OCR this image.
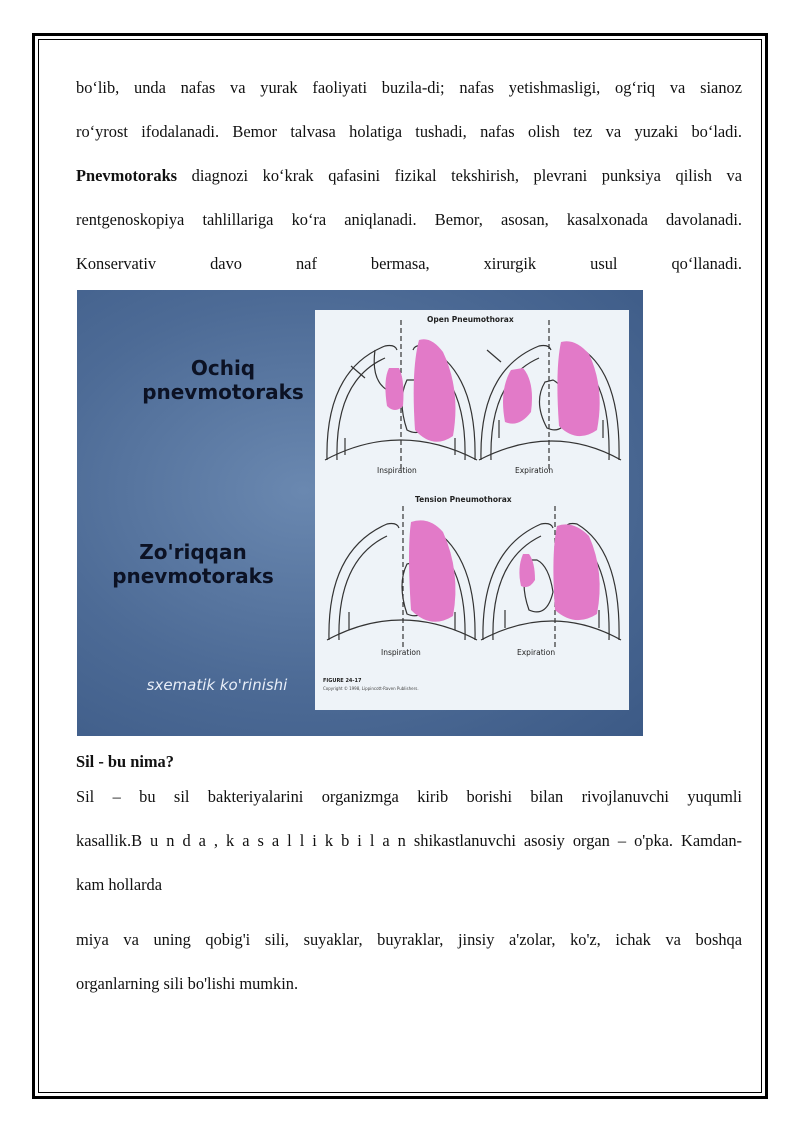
bo‘lib, unda nafas va yurak faoliyati buzila-di; nafas yetishmasligi, og‘riq va sianoz
ro‘yrost ifodalanadi. Bemor talvasa holatiga tushadi, nafas olish tez va yuzaki bo‘ladi.
Pnevmotoraks diagnozi ko‘krak qafasini fizikal tekshirish, plevrani punksiya qilish va
rentgenoskopiya tahlillariga ko‘ra aniqlanadi. Bemor, asosan, kasalxonada davolanadi.
Konservativ davo naf bermasa, xirurgik usul qo‘llanadi.
Ochiq
pnevmotoraks
Zo'riqqan
pnevmotoraks
sxematik ko'rinishi
Open Pneumothorax
Tension Pneumothorax
Inspiration	Expiration
Inspiration	Expiration
FIGURE 24-17
Copyright © 1998, Lippincott-Raven Publishers.
Sil - bu nima?
Sil – bu sil bakteriyalarini organizmga kirib borishi bilan rivojlanuvchi yuqumli
kasallik.B u n d a , k a s a l l i k b i l a n shikastlanuvchi asosiy organ – o'pka. Kamdan-
kam hollarda
miya va uning qobig'i sili, suyaklar, buyraklar, jinsiy a'zolar, ko'z, ichak va boshqa
organlarning sili bo'lishi mumkin.
